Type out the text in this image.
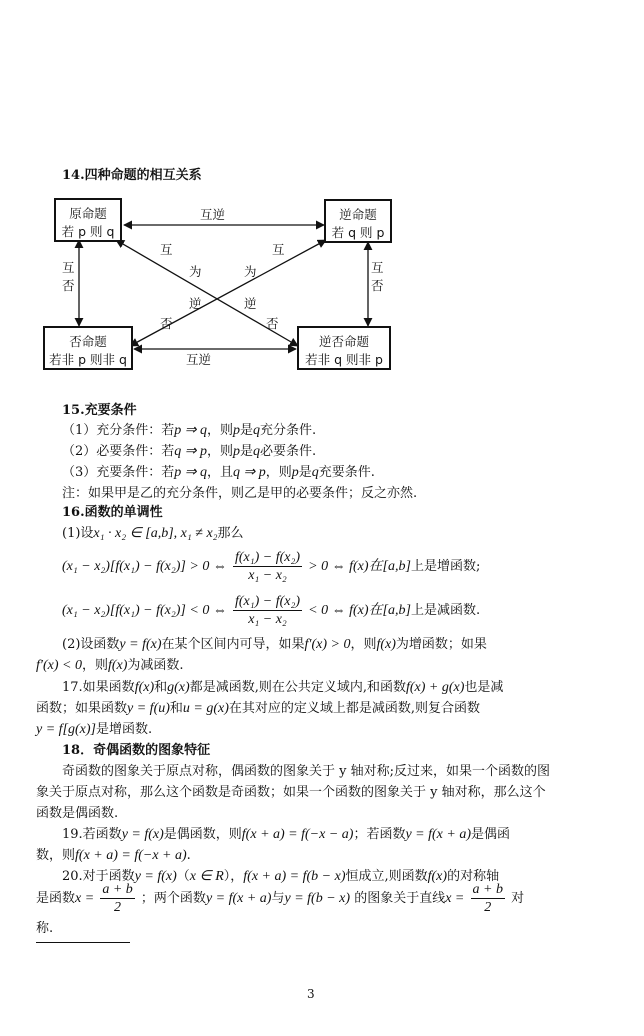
14.四种命题的相互关系
原命题
若 p 则 q
逆命题
若 q 则 p
否命题
若非 p 则非 q
逆否命题
若非 q 则非 p
互逆
互逆
互
否
互
否
互
为
逆
否
互
为
逆
否
15.充要条件
（1）充分条件：若p ⇒ q，则p是q充分条件.
（2）必要条件：若q ⇒ p，则p是q必要条件.
（3）充要条件：若p ⇒ q，且q ⇒ p，则p是q充要条件.
注：如果甲是乙的充分条件，则乙是甲的必要条件；反之亦然.
16.函数的单调性
(1)设x₁ · x₂ ∈ [a,b], x₁ ≠ x₂那么
(x₁ − x₂)[f(x₁) − f(x₂)] > 0 ⇔ $\frac{\text{f(x₁) − f(x₂)}}{\text{x₁ − x₂}} > 0$ ⇔ f(x)在[a,b]上是增函数;
(x₁ − x₂)[f(x₁) − f(x₂)] < 0 ⇔ $\frac{\text{f(x₁) − f(x₂)}}{\text{x₁ − x₂}} < 0$ ⇔ f(x)在[a,b]上是减函数.
(2)设函数y = f(x)在某个区间内可导，如果f′(x) > 0，则f(x)为增函数；如果
f′(x) < 0，则f(x)为减函数.
17.如果函数f(x)和g(x)都是减函数,则在公共定义域内,和函数f(x) + g(x)也是减
函数；如果函数y = f(u)和u = g(x)在其对应的定义域上都是减函数,则复合函数
y = f[g(x)]是增函数.
18．奇偶函数的图象特征
奇函数的图象关于原点对称，偶函数的图象关于 y 轴对称;反过来，如果一个函数的图
象关于原点对称，那么这个函数是奇函数；如果一个函数的图象关于 y 轴对称，那么这个
函数是偶函数.
19.若函数y = f(x)是偶函数，则f(x + a) = f(−x − a)；若函数y = f(x + a)是偶函
数，则f(x + a) = f(−x + a).
20.对于函数y = f(x)（x ∈ R），f(x + a) = f(b − x)恒成立,则函数f(x)的对称轴
是函数$x = \frac{a + b}{2}$ ；两个函数y = f(x + a)与y = f(b − x) 的图象关于直线$x = \frac{a + b}{2}$ 对
称.
3
